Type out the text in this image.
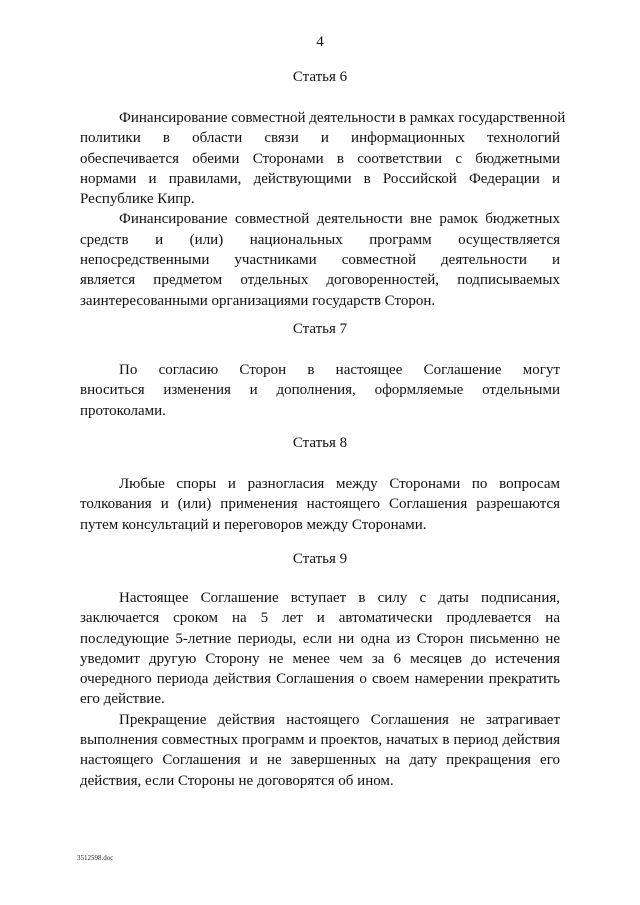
4
Статья 6

Финансирование совместной деятельности в рамках государственной
политики в области связи и информационных технологий
обеспечивается обеими Сторонами в соответствии с бюджетными
нормами и правилами, действующими в Российской Федерации и
Республике Кипр.

Финансирование совместной деятельности вне рамок бюджетных
средств и (или) национальных программ осуществляется
непосредственными участниками совместной деятельности и
является предметом отдельных договоренностей, подписываемых
заинтересованными организациями государств Сторон.

Статья 7

По согласию Сторон в настоящее Соглашение могут
вноситься изменения и дополнения, оформляемые отдельными
протоколами.

Статья 8

Любые споры и разногласия между Сторонами по вопросам
толкования и (или) применения настоящего Соглашения разрешаются
путем консультаций и переговоров между Сторонами.

Статья 9

Настоящее Соглашение вступает в силу с даты подписания,
заключается сроком на 5 лет и автоматически продлевается на
последующие 5-летние периоды, если ни одна из Сторон письменно не
уведомит другую Сторону не менее чем за 6 месяцев до истечения
очередного периода действия Соглашения о своем намерении прекратить
его действие.

Прекращение действия настоящего Соглашения не затрагивает
выполнения совместных программ и проектов, начатых в период действия
настоящего Соглашения и не завершенных на дату прекращения его
действия, если Стороны не договорятся об ином.

3512598.doc
